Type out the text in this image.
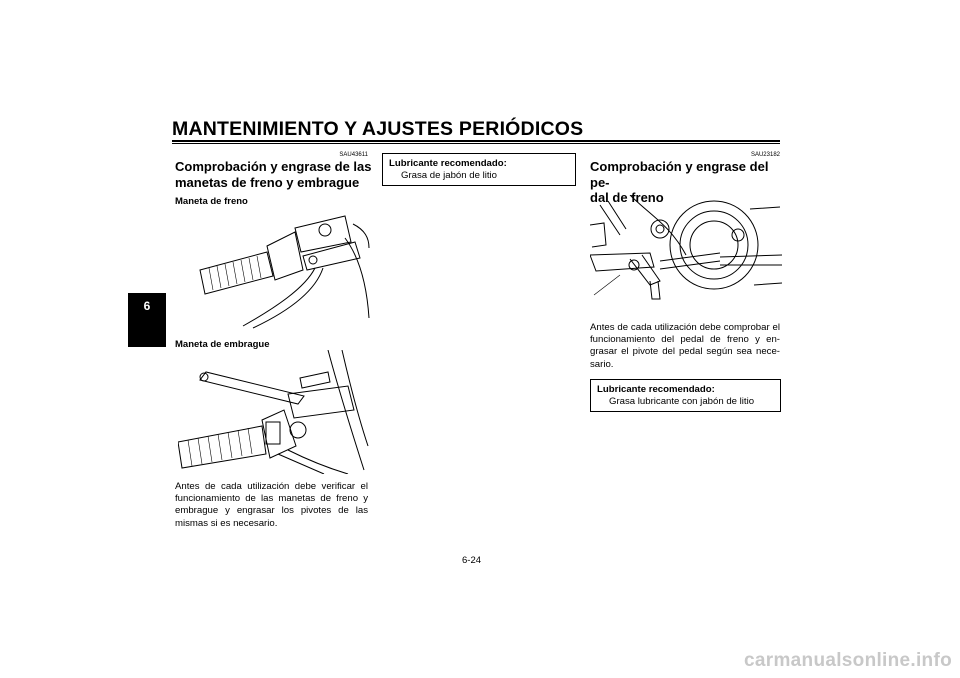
MANTENIMIENTO Y AJUSTES PERIÓDICOS
6
SAU43611
Comprobación y engrase de las
manetas de freno y embrague
Maneta de freno
Maneta de embrague
Antes de cada utilización debe verificar el funcionamiento de las manetas de freno y embrague y engrasar los pivotes de las mismas si es necesario.
Lubricante recomendado:
Grasa de jabón de litio
SAU23182
Comprobación y engrase del pe-
dal de freno
Antes de cada utilización debe comprobar el funcionamiento del pedal de freno y en-grasar el pivote del pedal según sea nece-sario.
Lubricante recomendado:
Grasa lubricante con jabón de litio
6-24
carmanualsonline.info
